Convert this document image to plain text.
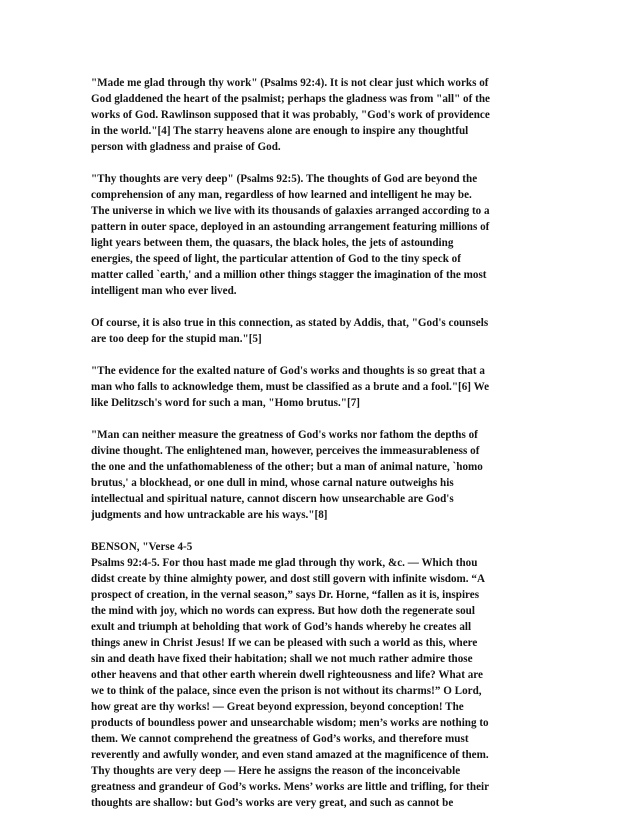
"Made me glad through thy work" (Psalms 92:4). It is not clear just which works of
God gladdened the heart of the psalmist; perhaps the gladness was from "all" of the
works of God. Rawlinson supposed that it was probably, "God's work of providence
in the world."[4] The starry heavens alone are enough to inspire any thoughtful
person with gladness and praise of God.
"Thy thoughts are very deep" (Psalms 92:5). The thoughts of God are beyond the
comprehension of any man, regardless of how learned and intelligent he may be.
The universe in which we live with its thousands of galaxies arranged according to a
pattern in outer space, deployed in an astounding arrangement featuring millions of
light years between them, the quasars, the black holes, the jets of astounding
energies, the speed of light, the particular attention of God to the tiny speck of
matter called `earth,' and a million other things stagger the imagination of the most
intelligent man who ever lived.
Of course, it is also true in this connection, as stated by Addis, that, "God's counsels
are too deep for the stupid man."[5]
"The evidence for the exalted nature of God's works and thoughts is so great that a
man who falls to acknowledge them, must be classified as a brute and a fool."[6] We
like Delitzsch's word for such a man, "Homo brutus."[7]
"Man can neither measure the greatness of God's works nor fathom the depths of
divine thought. The enlightened man, however, perceives the immeasurableness of
the one and the unfathomableness of the other; but a man of animal nature, `homo
brutus,' a blockhead, or one dull in mind, whose carnal nature outweighs his
intellectual and spiritual nature, cannot discern how unsearchable are God's
judgments and how untrackable are his ways."[8]
BENSON, "Verse 4-5
Psalms 92:4-5. For thou hast made me glad through thy work, &c. — Which thou
didst create by thine almighty power, and dost still govern with infinite wisdom. “A
prospect of creation, in the vernal season,” says Dr. Horne, “fallen as it is, inspires
the mind with joy, which no words can express. But how doth the regenerate soul
exult and triumph at beholding that work of God’s hands whereby he creates all
things anew in Christ Jesus! If we can be pleased with such a world as this, where
sin and death have fixed their habitation; shall we not much rather admire those
other heavens and that other earth wherein dwell righteousness and life? What are
we to think of the palace, since even the prison is not without its charms!” O Lord,
how great are thy works! — Great beyond expression, beyond conception! The
products of boundless power and unsearchable wisdom; men’s works are nothing to
them. We cannot comprehend the greatness of God’s works, and therefore must
reverently and awfully wonder, and even stand amazed at the magnificence of them.
Thy thoughts are very deep — Here he assigns the reason of the inconceivable
greatness and grandeur of God’s works. Mens’ works are little and trifling, for their
thoughts are shallow: but God’s works are very great, and such as cannot be
